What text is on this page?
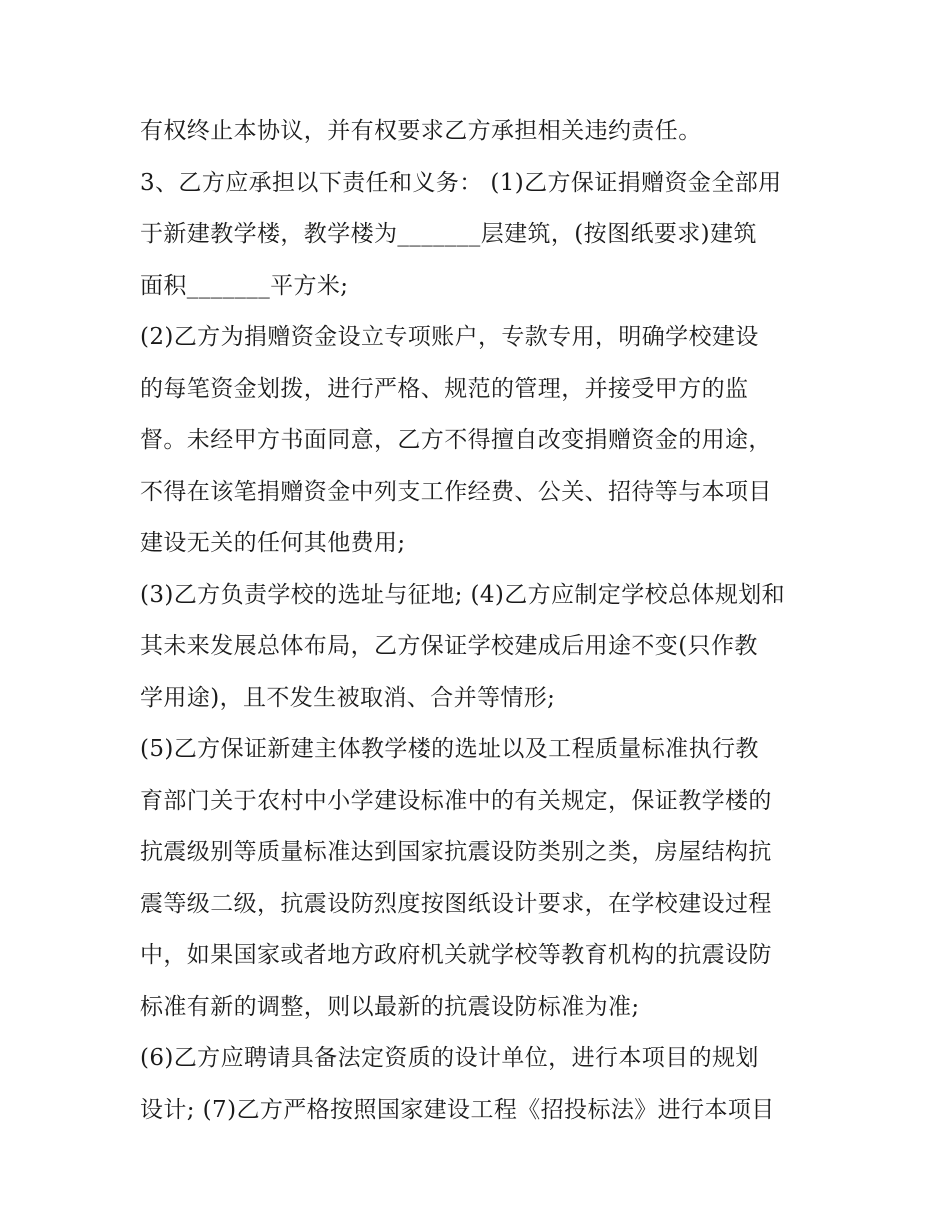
有权终止本协议，并有权要求乙方承担相关违约责任。
3、乙方应承担以下责任和义务： (1)乙方保证捐赠资金全部用
于新建教学楼，教学楼为_______层建筑，(按图纸要求)建筑
面积_______平方米;
(2)乙方为捐赠资金设立专项账户，专款专用，明确学校建设
的每笔资金划拨，进行严格、规范的管理，并接受甲方的监
督。未经甲方书面同意，乙方不得擅自改变捐赠资金的用途，
不得在该笔捐赠资金中列支工作经费、公关、招待等与本项目
建设无关的任何其他费用;
(3)乙方负责学校的选址与征地; (4)乙方应制定学校总体规划和
其未来发展总体布局，乙方保证学校建成后用途不变(只作教
学用途)，且不发生被取消、合并等情形;
(5)乙方保证新建主体教学楼的选址以及工程质量标准执行教
育部门关于农村中小学建设标准中的有关规定，保证教学楼的
抗震级别等质量标准达到国家抗震设防类别之类，房屋结构抗
震等级二级，抗震设防烈度按图纸设计要求，在学校建设过程
中，如果国家或者地方政府机关就学校等教育机构的抗震设防
标准有新的调整，则以最新的抗震设防标准为准;
(6)乙方应聘请具备法定资质的设计单位，进行本项目的规划
设计; (7)乙方严格按照国家建设工程《招投标法》进行本项目
